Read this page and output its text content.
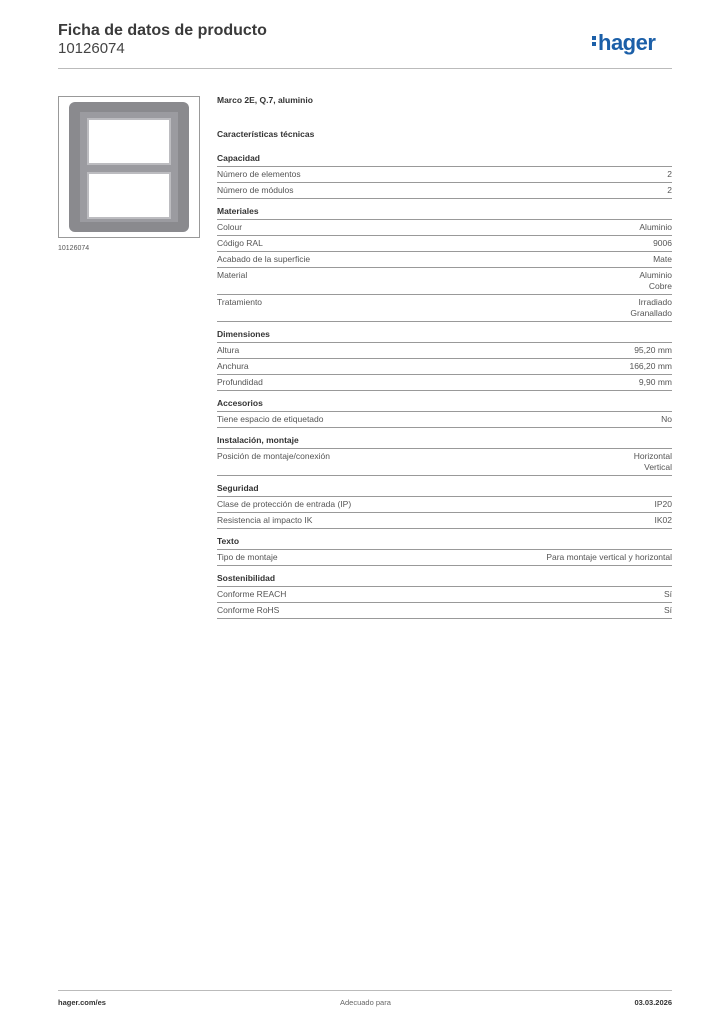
Ficha de datos de producto
10126074	hager
10126074
Marco 2E, Q.7, aluminio
Características técnicas
Capacidad
Número de elementos	2
Número de módulos	2
Materiales
Colour	Aluminio
Código RAL	9006
Acabado de la superficie	Mate
Material	Aluminio
Cobre
Tratamiento	Irradiado
Granallado
Dimensiones
Altura	95,20 mm
Anchura	166,20 mm
Profundidad	9,90 mm
Accesorios
Tiene espacio de etiquetado	No
Instalación, montaje
Posición de montaje/conexión	Horizontal
Vertical
Seguridad
Clase de protección de entrada (IP)	IP20
Resistencia al impacto IK	IK02
Texto
Tipo de montaje	Para montaje vertical y horizontal
Sostenibilidad
Conforme REACH	Sí
Conforme RoHS	Sí
hager.com/es	Adecuado para	03.03.2026
